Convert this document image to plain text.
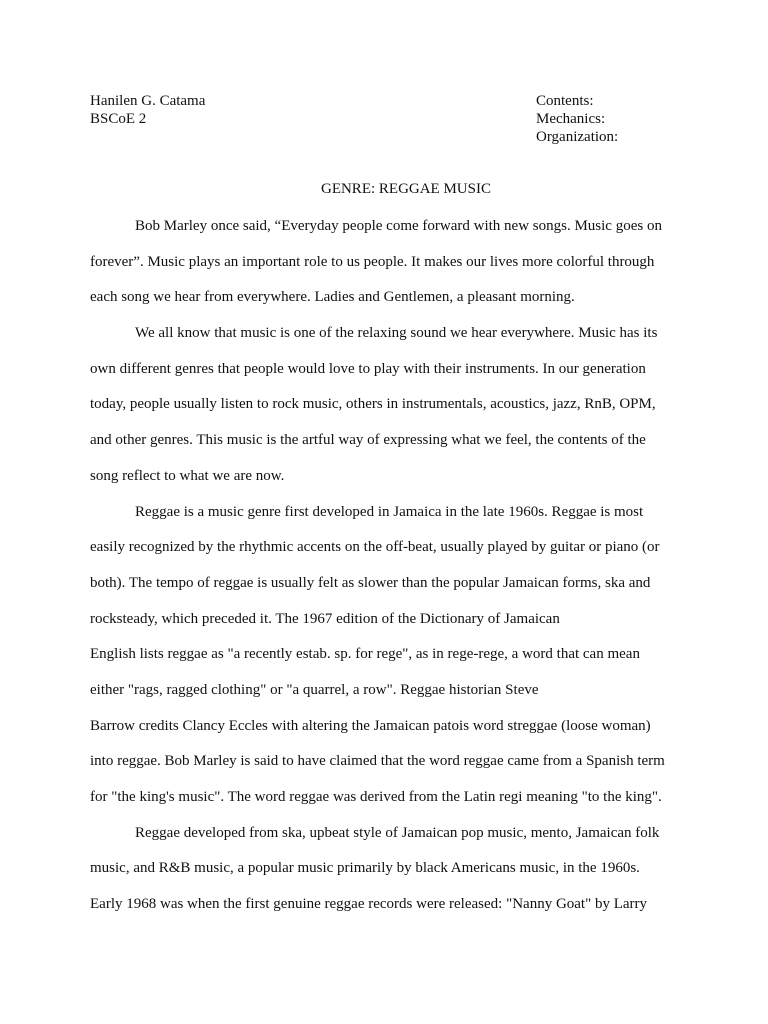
Hanilen G. Catama
BSCoE 2
Contents:
Mechanics:
Organization:
GENRE: REGGAE MUSIC
Bob Marley once said, “Everyday people come forward with new songs. Music goes on
forever”. Music plays an important role to us people. It makes our lives more colorful through
each song we hear from everywhere. Ladies and Gentlemen, a pleasant morning.
We all know that music is one of the relaxing sound we hear everywhere. Music has its
own different genres that people would love to play with their instruments. In our generation
today, people usually listen to rock music, others in instrumentals, acoustics, jazz, RnB, OPM,
and other genres. This music is the artful way of expressing what we feel, the contents of the
song reflect to what we are now.
Reggae is a music genre first developed in Jamaica in the late 1960s. Reggae is most
easily recognized by the rhythmic accents on the off-beat, usually played by guitar or piano (or
both). The tempo of reggae is usually felt as slower than the popular Jamaican forms, ska and
rocksteady, which preceded it. The 1967 edition of the Dictionary of Jamaican
English lists reggae as "a recently estab. sp. for rege", as in rege-rege, a word that can mean
either "rags, ragged clothing" or "a quarrel, a row". Reggae historian Steve
Barrow credits Clancy Eccles with altering the Jamaican patois word streggae (loose woman)
into reggae. Bob Marley is said to have claimed that the word reggae came from a Spanish term
for "the king's music". The word reggae was derived from the Latin regi meaning "to the king".
Reggae developed from ska, upbeat style of Jamaican pop music, mento, Jamaican folk
music, and R&B music, a popular music primarily by black Americans music, in the 1960s.
Early 1968 was when the first genuine reggae records were released: "Nanny Goat" by Larry
